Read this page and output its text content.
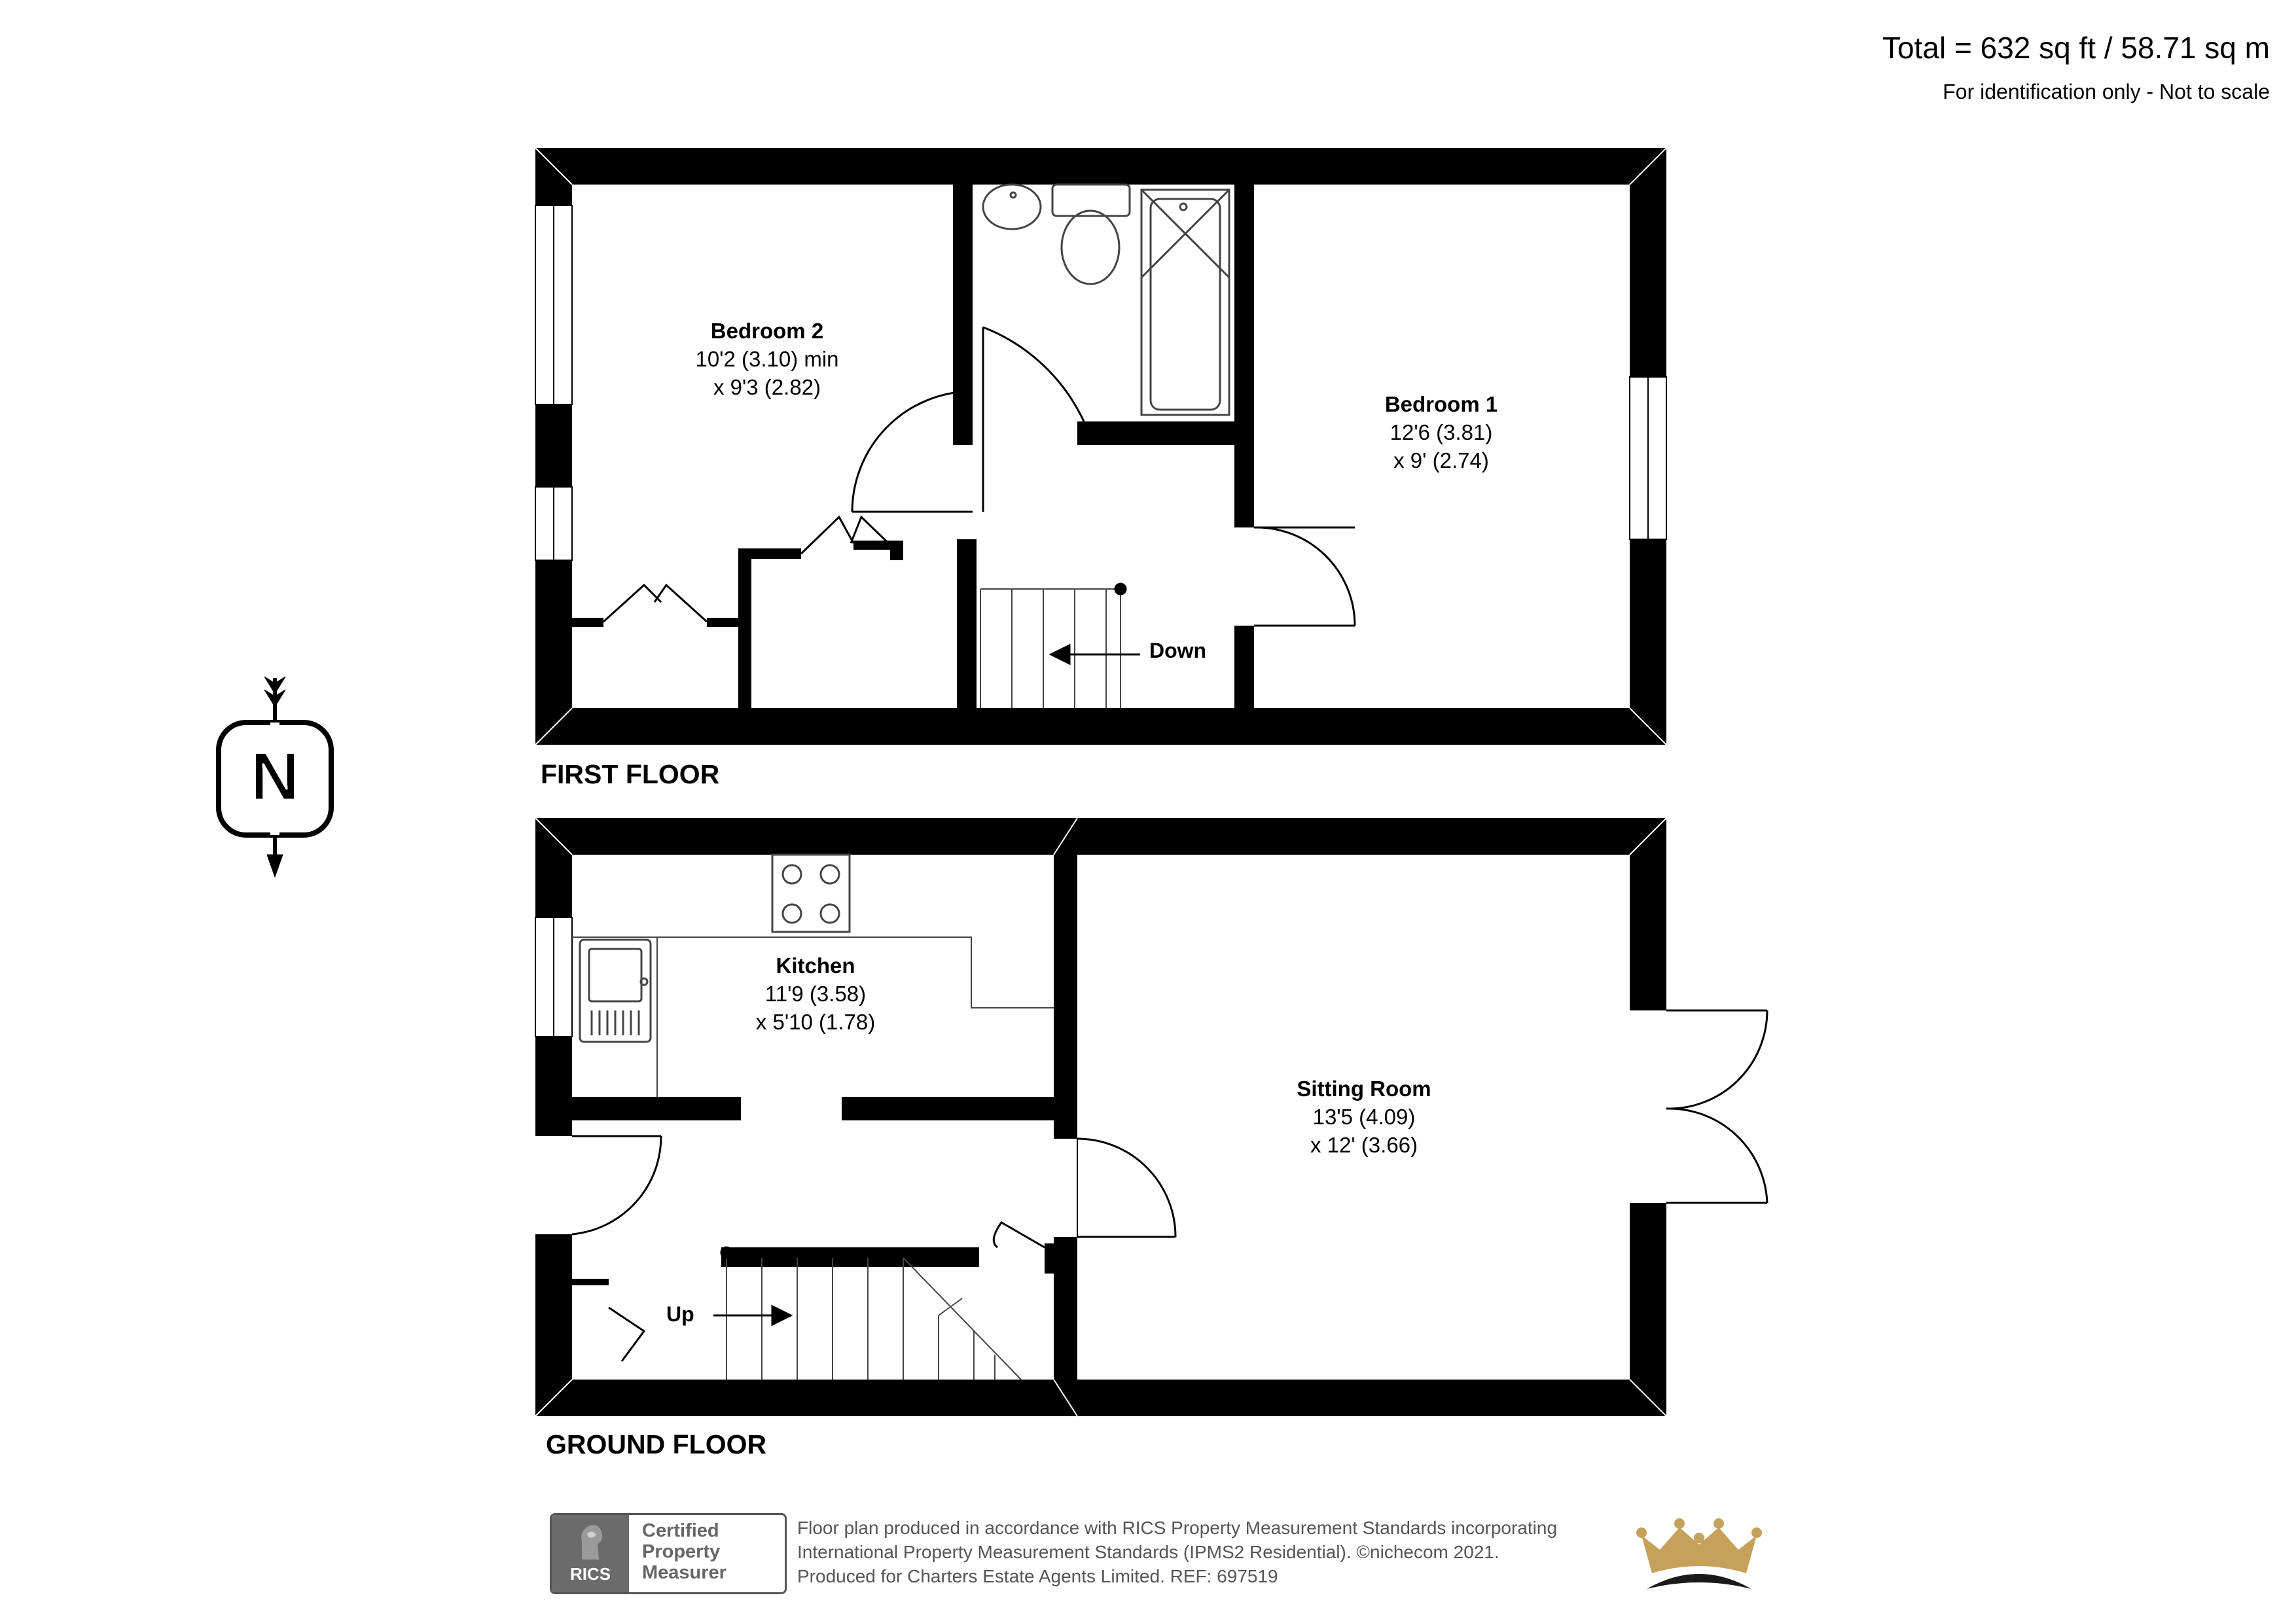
Total = 632 sq ft / 58.71 sq m
For identification only - Not to scale
N	FIRST FLOOR
GROUND FLOOR
Bedroom 2
10'2 (3.10) min
x 9'3 (2.82)
Bedroom 1
12'6 (3.81)
x 9' (2.74)
Kitchen
11'9 (3.58)
x 5'10 (1.78)
Sitting Room
13'5 (4.09)
x 12' (3.66)
Down
Up
RICS
Certified
Property
Measurer
Floor plan produced in accordance with RICS Property Measurement Standards incorporating
International Property Measurement Standards (IPMS2 Residential). ©nichecom 2021.
Produced for Charters Estate Agents Limited. REF: 697519
